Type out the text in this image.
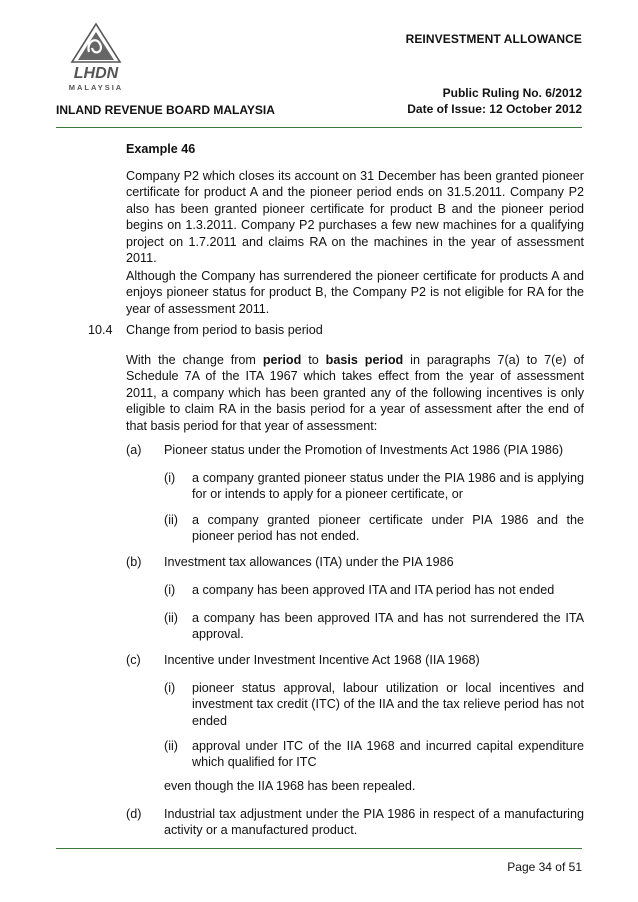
LHDN
MALAYSIA
REINVESTMENT ALLOWANCE
Public Ruling No. 6/2012
Date of Issue: 12 October 2012
INLAND REVENUE BOARD MALAYSIA
Example 46
Company P2 which closes its account on 31 December has been granted pioneer certificate for product A and the pioneer period ends on 31.5.2011. Company P2 also has been granted pioneer certificate for product B and the pioneer period begins on 1.3.2011. Company P2 purchases a few new machines for a qualifying project on 1.7.2011 and claims RA on the machines in the year of assessment 2011.
Although the Company has surrendered the pioneer certificate for products A and enjoys pioneer status for product B, the Company P2 is not eligible for RA for the year of assessment 2011.
10.4 Change from period to basis period
With the change from period to basis period in paragraphs 7(a) to 7(e) of Schedule 7A of the ITA 1967 which takes effect from the year of assessment 2011, a company which has been granted any of the following incentives is only eligible to claim RA in the basis period for a year of assessment after the end of that basis period for that year of assessment:
(a) Pioneer status under the Promotion of Investments Act 1986 (PIA 1986)
(i) a company granted pioneer status under the PIA 1986 and is applying for or intends to apply for a pioneer certificate, or
(ii) a company granted pioneer certificate under PIA 1986 and the pioneer period has not ended.
(b) Investment tax allowances (ITA) under the PIA 1986
(i) a company has been approved ITA and ITA period has not ended
(ii) a company has been approved ITA and has not surrendered the ITA approval.
(c) Incentive under Investment Incentive Act 1968 (IIA 1968)
(i) pioneer status approval, labour utilization or local incentives and investment tax credit (ITC) of the IIA and the tax relieve period has not ended
(ii) approval under ITC of the IIA 1968 and incurred capital expenditure which qualified for ITC
even though the IIA 1968 has been repealed.
(d) Industrial tax adjustment under the PIA 1986 in respect of a manufacturing activity or a manufactured product.
Page 34 of 51
